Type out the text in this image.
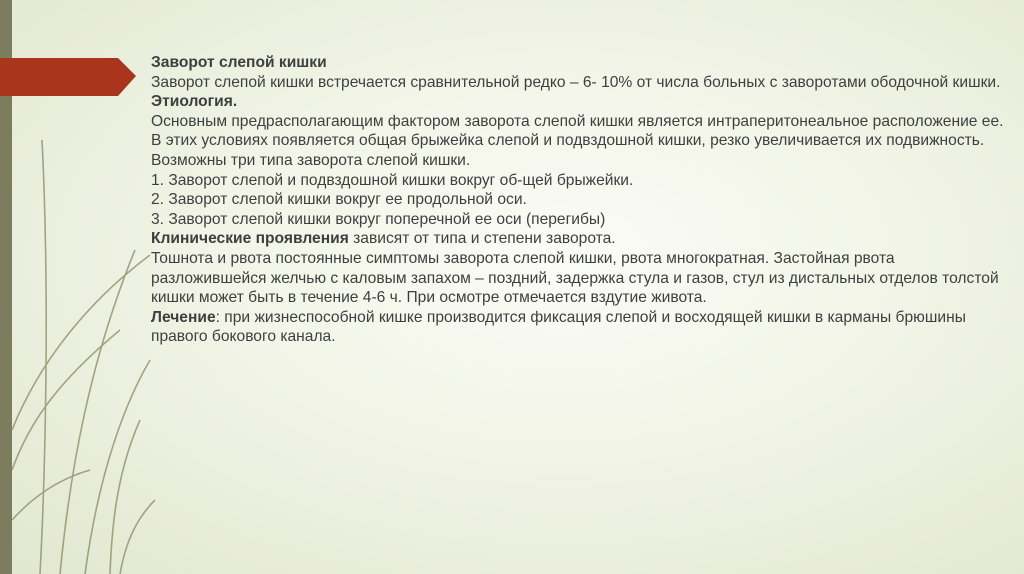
Заворот слепой кишки

Заворот слепой кишки встречается сравнительной редко – 6- 10% от числа больных с заворотами ободочной кишки.

Этиология.

Основным предрасполагающим фактором заворота слепой кишки является интраперитонеальное расположение ее. В этих условиях появляется общая брыжейка слепой и подвздошной кишки, резко увеличивается их подвижность.

Возможны три типа заворота слепой кишки.

1. Заворот слепой и подвздошной кишки вокруг об-щей брыжейки.

2. Заворот слепой кишки вокруг ее продольной оси.

3. Заворот слепой кишки вокруг поперечной ее оси (перегибы)

Клинические проявления зависят от типа и степени заворота.

Тошнота и рвота постоянные симптомы заворота слепой кишки, рвота многократная. Застойная рвота разложившейся желчью с каловым запахом – поздний, задержка стула и газов, стул из дистальных отделов толстой кишки может быть в течение 4-6 ч. При осмотре отмечается вздутие живота.

Лечение: при жизнеспособной кишке производится фиксация слепой и восходящей кишки в карманы брюшины правого бокового канала.
